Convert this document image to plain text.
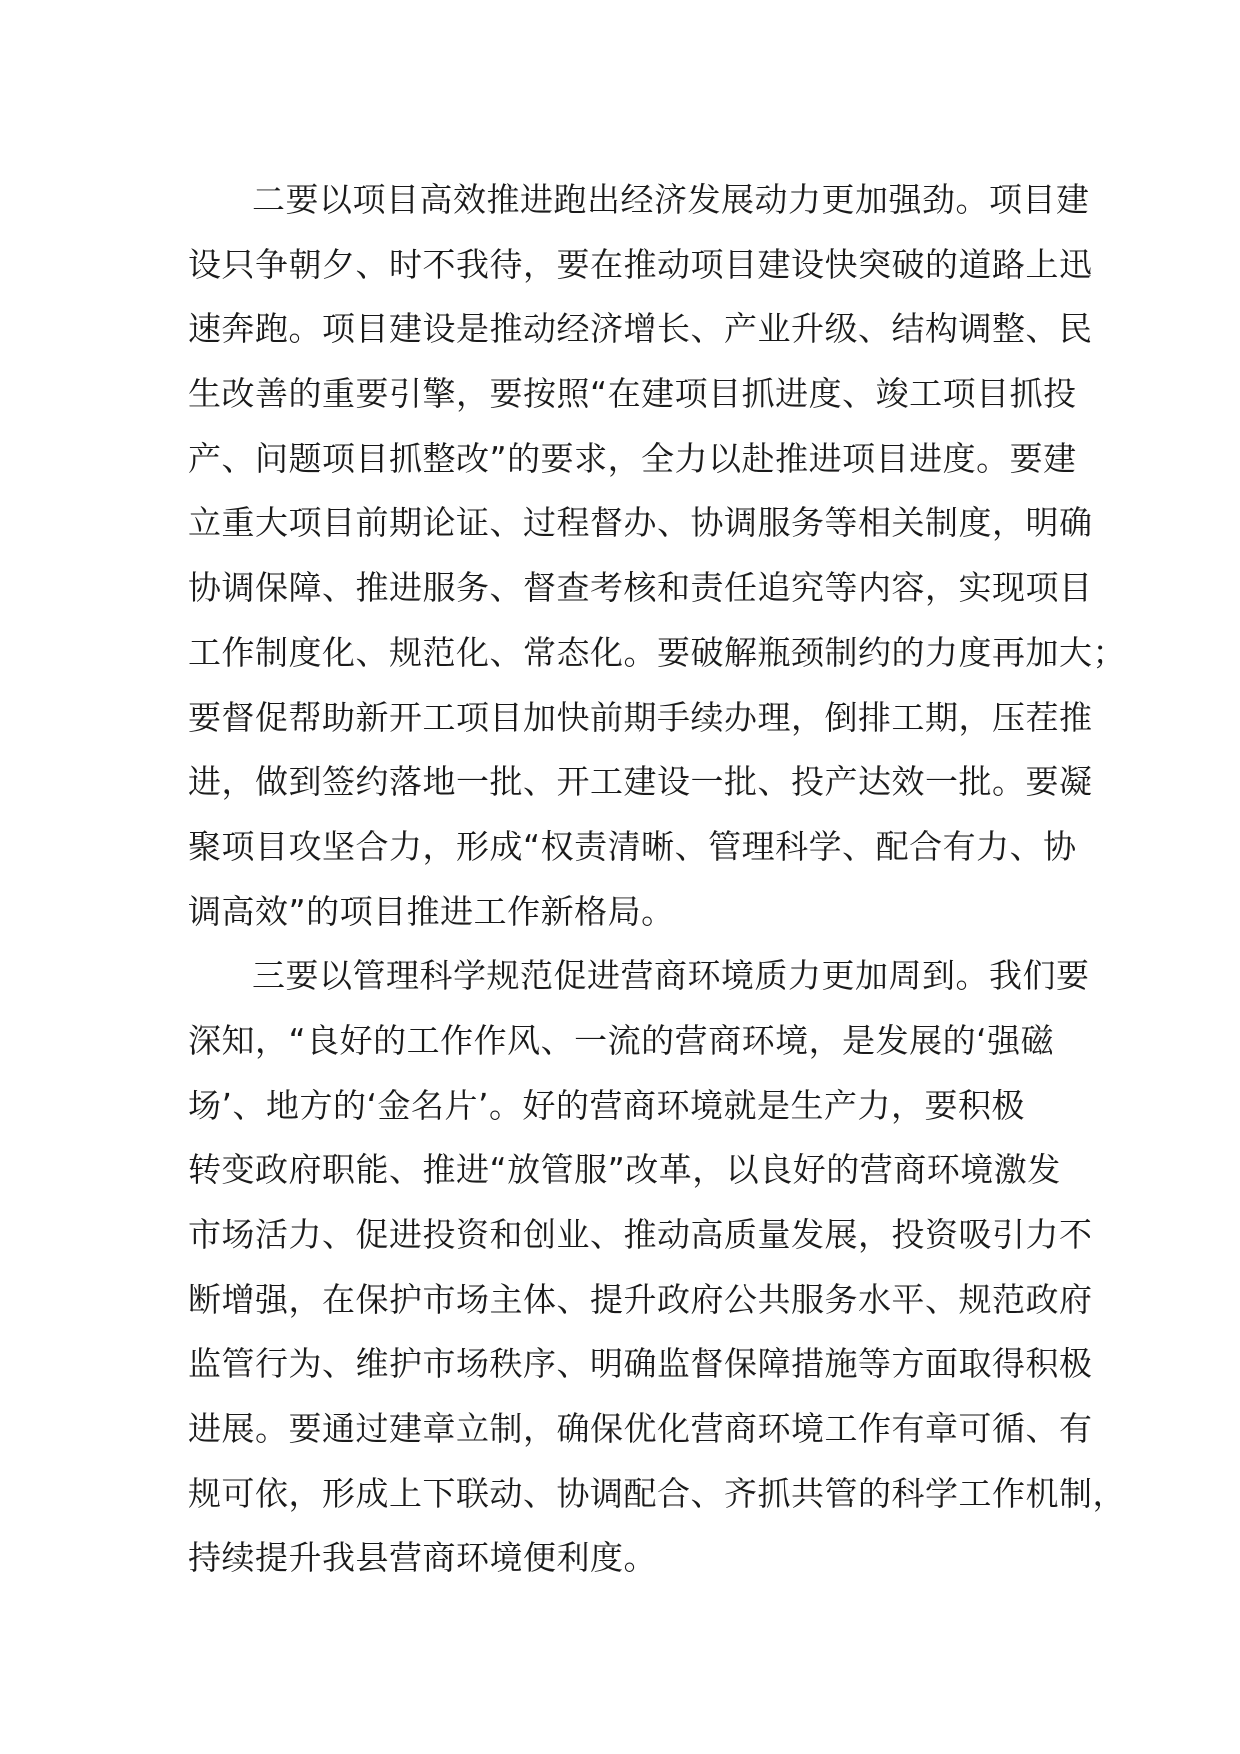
二要以项目高效推进跑出经济发展动力更加强劲。项目建
设只争朝夕、时不我待，要在推动项目建设快突破的道路上迅
速奔跑。项目建设是推动经济增长、产业升级、结构调整、民
生改善的重要引擎，要按照“在建项目抓进度、竣工项目抓投
产、问题项目抓整改”的要求，全力以赴推进项目进度。要建
立重大项目前期论证、过程督办、协调服务等相关制度，明确
协调保障、推进服务、督查考核和责任追究等内容，实现项目
工作制度化、规范化、常态化。要破解瓶颈制约的力度再加大；
要督促帮助新开工项目加快前期手续办理，倒排工期，压茬推
进，做到签约落地一批、开工建设一批、投产达效一批。要凝
聚项目攻坚合力，形成“权责清晰、管理科学、配合有力、协
调高效”的项目推进工作新格局。
三要以管理科学规范促进营商环境质力更加周到。我们要
深知，“良好的工作作风、一流的营商环境，是发展的‘强磁
场’、地方的‘金名片’。好的营商环境就是生产力，要积极
转变政府职能、推进“放管服”改革，以良好的营商环境激发
市场活力、促进投资和创业、推动高质量发展，投资吸引力不
断增强，在保护市场主体、提升政府公共服务水平、规范政府
监管行为、维护市场秩序、明确监督保障措施等方面取得积极
进展。要通过建章立制，确保优化营商环境工作有章可循、有
规可依，形成上下联动、协调配合、齐抓共管的科学工作机制，
持续提升我县营商环境便利度。
